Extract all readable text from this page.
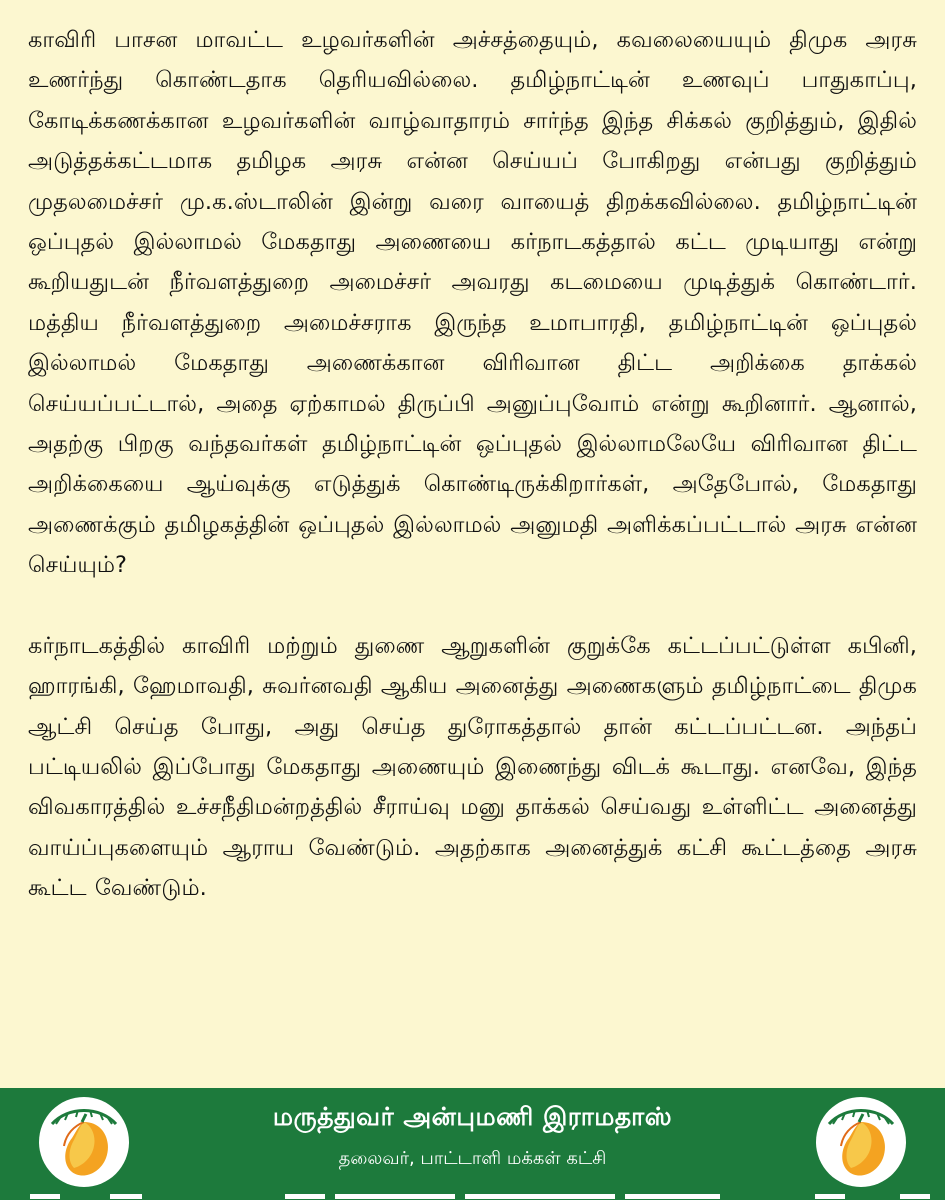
காவிரி பாசன மாவட்ட உழவர்களின் அச்சத்தையும், கவலையையும் திமுக அரசு உணர்ந்து கொண்டதாக தெரியவில்லை. தமிழ்நாட்டின் உணவுப் பாதுகாப்பு, கோடிக்கணக்கான உழவர்களின் வாழ்வாதாரம் சார்ந்த இந்த சிக்கல் குறித்தும், இதில் அடுத்தக்கட்டமாக தமிழக அரசு என்ன செய்யப் போகிறது என்பது குறித்தும் முதலமைச்சர் மு.க.ஸ்டாலின் இன்று வரை வாயைத் திறக்கவில்லை. தமிழ்நாட்டின் ஒப்புதல் இல்லாமல் மேகதாது அணையை கர்நாடகத்தால் கட்ட முடியாது என்று கூறியதுடன் நீர்வளத்துறை அமைச்சர் அவரது கடமையை முடித்துக் கொண்டார். மத்திய நீர்வளத்துறை அமைச்சராக இருந்த உமாபாரதி, தமிழ்நாட்டின் ஒப்புதல் இல்லாமல் மேகதாது அணைக்கான விரிவான திட்ட அறிக்கை தாக்கல் செய்யப்பட்டால், அதை ஏற்காமல் திருப்பி அனுப்புவோம் என்று கூறினார். ஆனால், அதற்கு பிறகு வந்தவர்கள் தமிழ்நாட்டின் ஒப்புதல் இல்லாமலேயே விரிவான திட்ட அறிக்கையை ஆய்வுக்கு எடுத்துக் கொண்டிருக்கிறார்கள், அதேபோல், மேகதாது அணைக்கும் தமிழகத்தின் ஒப்புதல் இல்லாமல் அனுமதி அளிக்கப்பட்டால் அரசு என்ன செய்யும்?

கர்நாடகத்தில் காவிரி மற்றும் துணை ஆறுகளின் குறுக்கே கட்டப்பட்டுள்ள கபினி, ஹாரங்கி, ஹேமாவதி, சுவர்னவதி ஆகிய அனைத்து அணைகளும் தமிழ்நாட்டை திமுக ஆட்சி செய்த போது, அது செய்த துரோகத்தால் தான் கட்டப்பட்டன. அந்தப் பட்டியலில் இப்போது மேகதாது அணையும் இணைந்து விடக் கூடாது. எனவே, இந்த விவகாரத்தில் உச்சநீதிமன்றத்தில் சீராய்வு மனு தாக்கல் செய்வது உள்ளிட்ட அனைத்து வாய்ப்புகளையும் ஆராய வேண்டும். அதற்காக அனைத்துக் கட்சி கூட்டத்தை அரசு கூட்ட வேண்டும்.

மருத்துவர் அன்புமணி இராமதாஸ்
தலைவர், பாட்டாளி மக்கள் கட்சி
